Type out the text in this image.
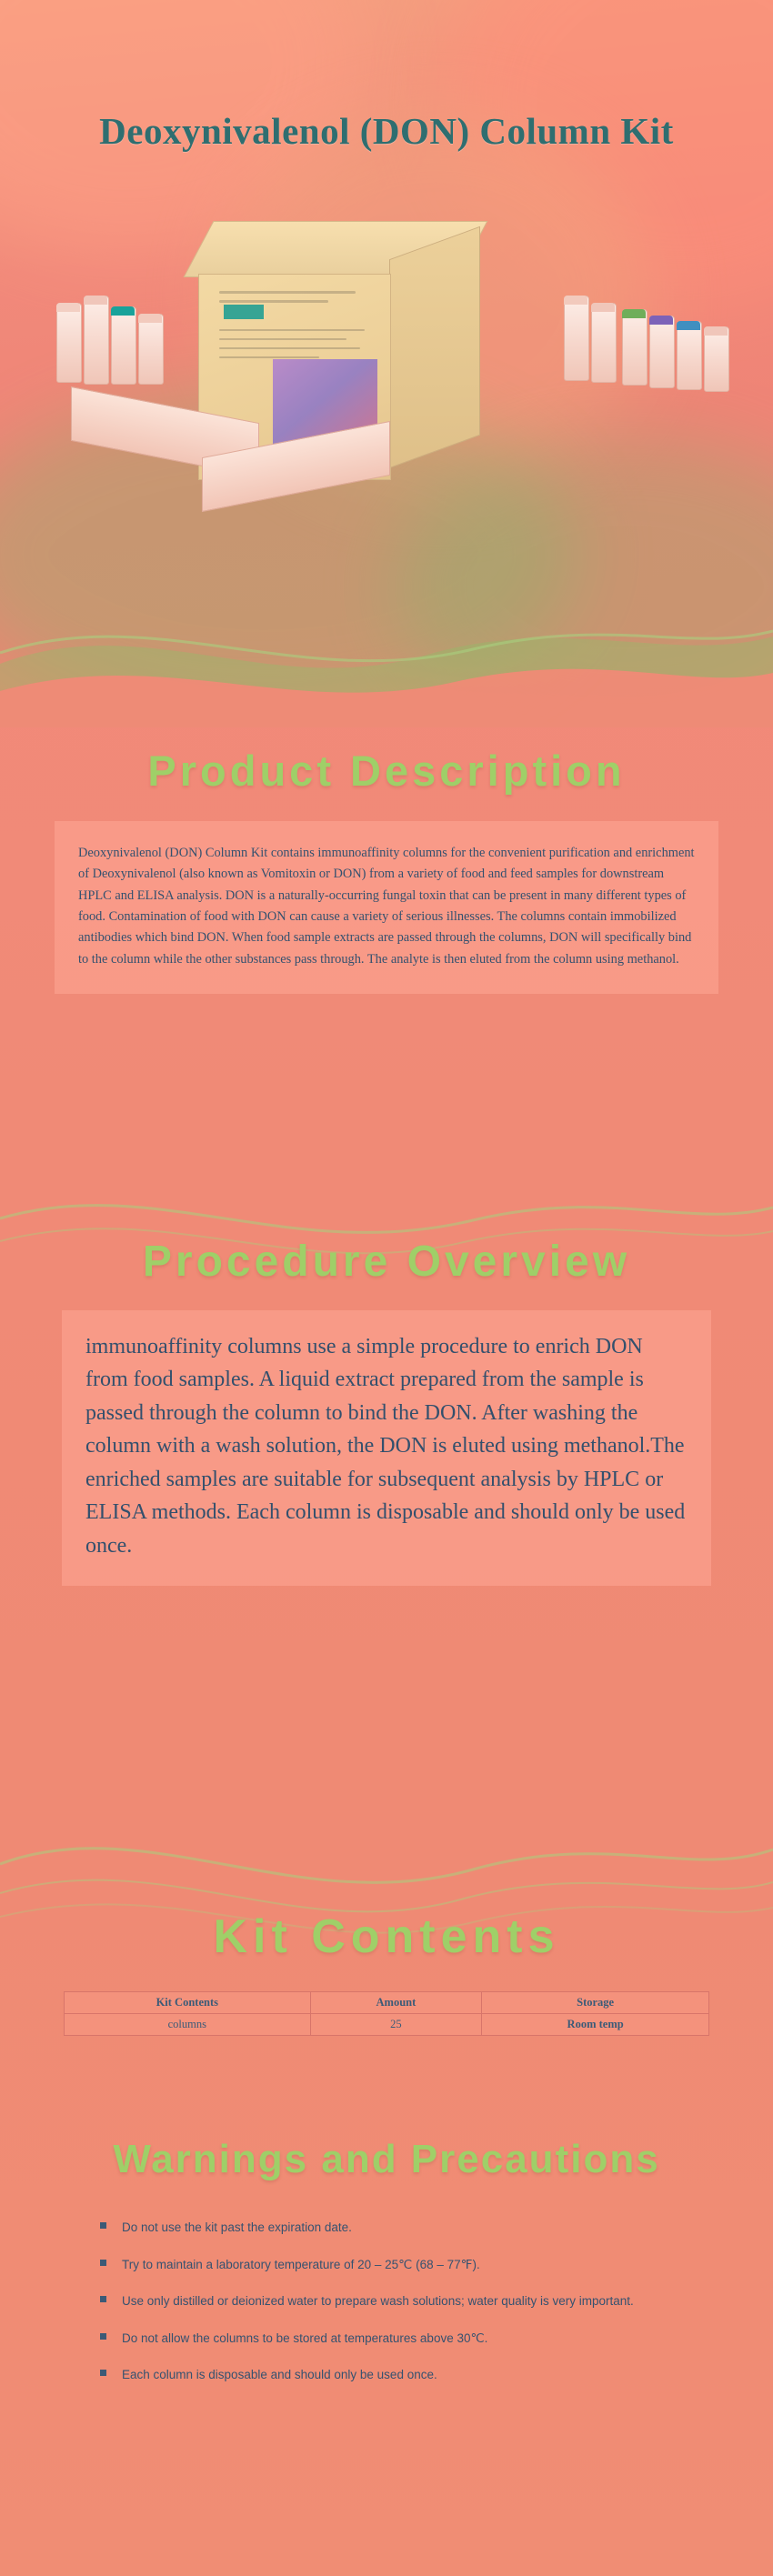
Deoxynivalenol (DON) Column Kit
Product Description
Deoxynivalenol (DON) Column Kit contains immunoaffinity columns for the convenient purification and enrichment of Deoxynivalenol (also known as Vomitoxin or DON) from a variety of food and feed samples for downstream HPLC and ELISA analysis. DON is a naturally-occurring fungal toxin that can be present in many different types of food. Contamination of food with DON can cause a variety of serious illnesses. The columns contain immobilized antibodies which bind DON. When food sample extracts are passed through the columns, DON will specifically bind to the column while the other substances pass through. The analyte is then eluted from the column using methanol.
Procedure Overview
immunoaffinity columns use a simple procedure to enrich DON from food samples. A liquid extract prepared from the sample is passed through the column to bind the DON. After washing the column with a wash solution, the DON is eluted using methanol.The enriched samples are suitable for subsequent analysis by HPLC or ELISA methods. Each column is disposable and should only be used once.
Kit Contents
Kit Contents	Amount	Storage
columns	25	Room temp
Warnings and Precautions
Do not use the kit past the expiration date.
Try to maintain a laboratory temperature of 20 – 25℃ (68 – 77℉).
Use only distilled or deionized water to prepare wash solutions; water quality is very important.
Do not allow the columns to be stored at temperatures above 30℃.
Each column is disposable and should only be used once.
